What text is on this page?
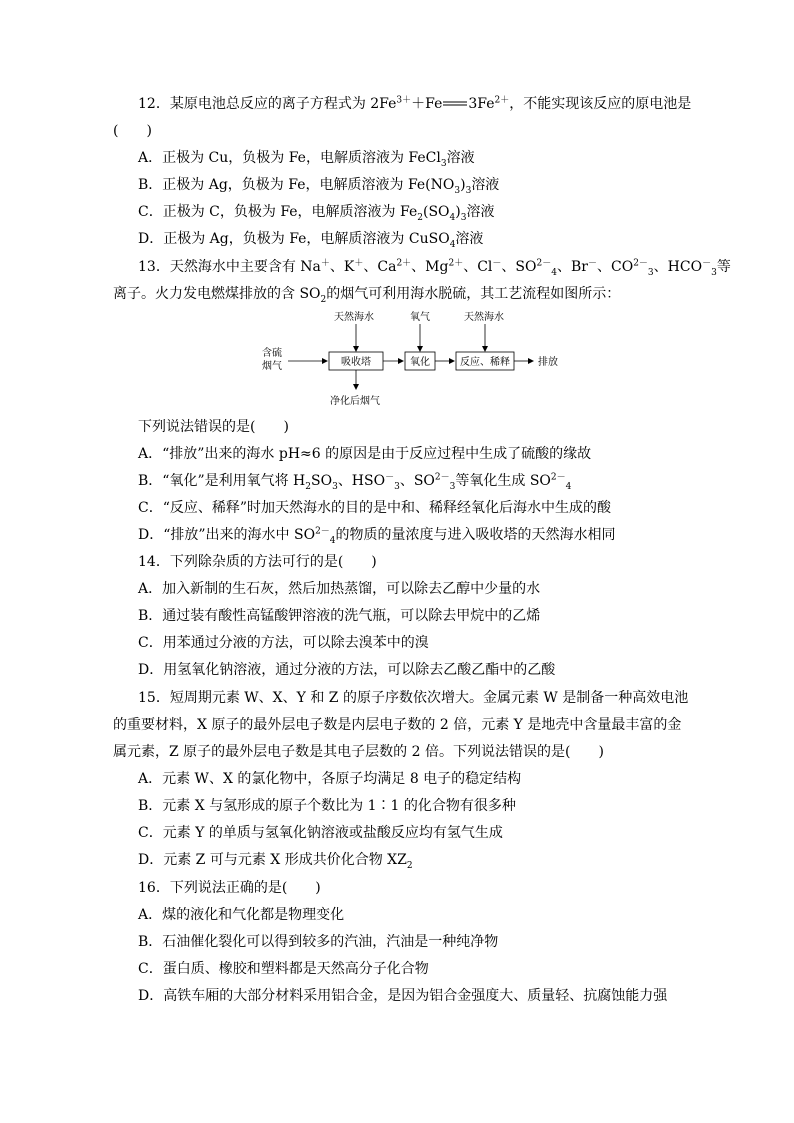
12．某原电池总反应的离子方程式为 $2Fe^{3+}+Fe$ $3Fe^{2+}$，不能实现该反应的原电池是
(　　)
A．正极为 Cu，负极为 Fe，电解质溶液为 FeCl$_3$溶液
B．正极为 Ag，负极为 Fe，电解质溶液为 $Fe(NO_3)_3$溶液
C．正极为 C，负极为 Fe，电解质溶液为 $Fe_2(SO_4)_3$溶液
D．正极为 Ag，负极为 Fe，电解质溶液为 CuSO$_4$溶液
13．天然海水中主要含有 Na＋、K＋、$Ca^{2+}$、$Mg^{2+}$、Cl－、$SO^{2-}_4$、Br－、$CO^{2-}_3$、$HCO^-_3$等
离子。火力发电燃煤排放的含 $SO_2$的烟气可利用海水脱硫，其工艺流程如图所示：
天然海水	氧气	天然海水
含硫
烟气	吸收塔	氧化	反应、稀释	排放
净化后烟气
下列说法错误的是(　　)
A．“排放”出来的海水 pH≈6 的原因是由于反应过程中生成了硫酸的缘故
B．“氧化”是利用氧气将 $H_2SO_3$、$HSO^-_3$、$SO^{2-}_3$等氧化生成 $SO^{2-}_4$
C．“反应、稀释”时加天然海水的目的是中和、稀释经氧化后海水中生成的酸
D．“排放”出来的海水中 $SO^{2-}_4$的物质的量浓度与进入吸收塔的天然海水相同
14．下列除杂质的方法可行的是(　　)
A．加入新制的生石灰，然后加热蒸馏，可以除去乙醇中少量的水
B．通过装有酸性高锰酸钾溶液的洗气瓶，可以除去甲烷中的乙烯
C．用苯通过分液的方法，可以除去溴苯中的溴
D．用氢氧化钠溶液，通过分液的方法，可以除去乙酸乙酯中的乙酸
15．短周期元素 W、X、Y 和 Z 的原子序数依次增大。金属元素 W 是制备一种高效电池
的重要材料，X 原子的最外层电子数是内层电子数的 2 倍，元素 Y 是地壳中含量最丰富的金
属元素，Z 原子的最外层电子数是其电子层数的 2 倍。下列说法错误的是(　　)
A．元素 W、X 的氯化物中，各原子均满足 8 电子的稳定结构
B．元素 X 与氢形成的原子个数比为 1∶1 的化合物有很多种
C．元素 Y 的单质与氢氧化钠溶液或盐酸反应均有氢气生成
D．元素 Z 可与元素 X 形成共价化合物 $XZ_2$
16．下列说法正确的是(　　)
A．煤的液化和气化都是物理变化
B．石油催化裂化可以得到较多的汽油，汽油是一种纯净物
C．蛋白质、橡胶和塑料都是天然高分子化合物
D．高铁车厢的大部分材料采用铝合金，是因为铝合金强度大、质量轻、抗腐蚀能力强
